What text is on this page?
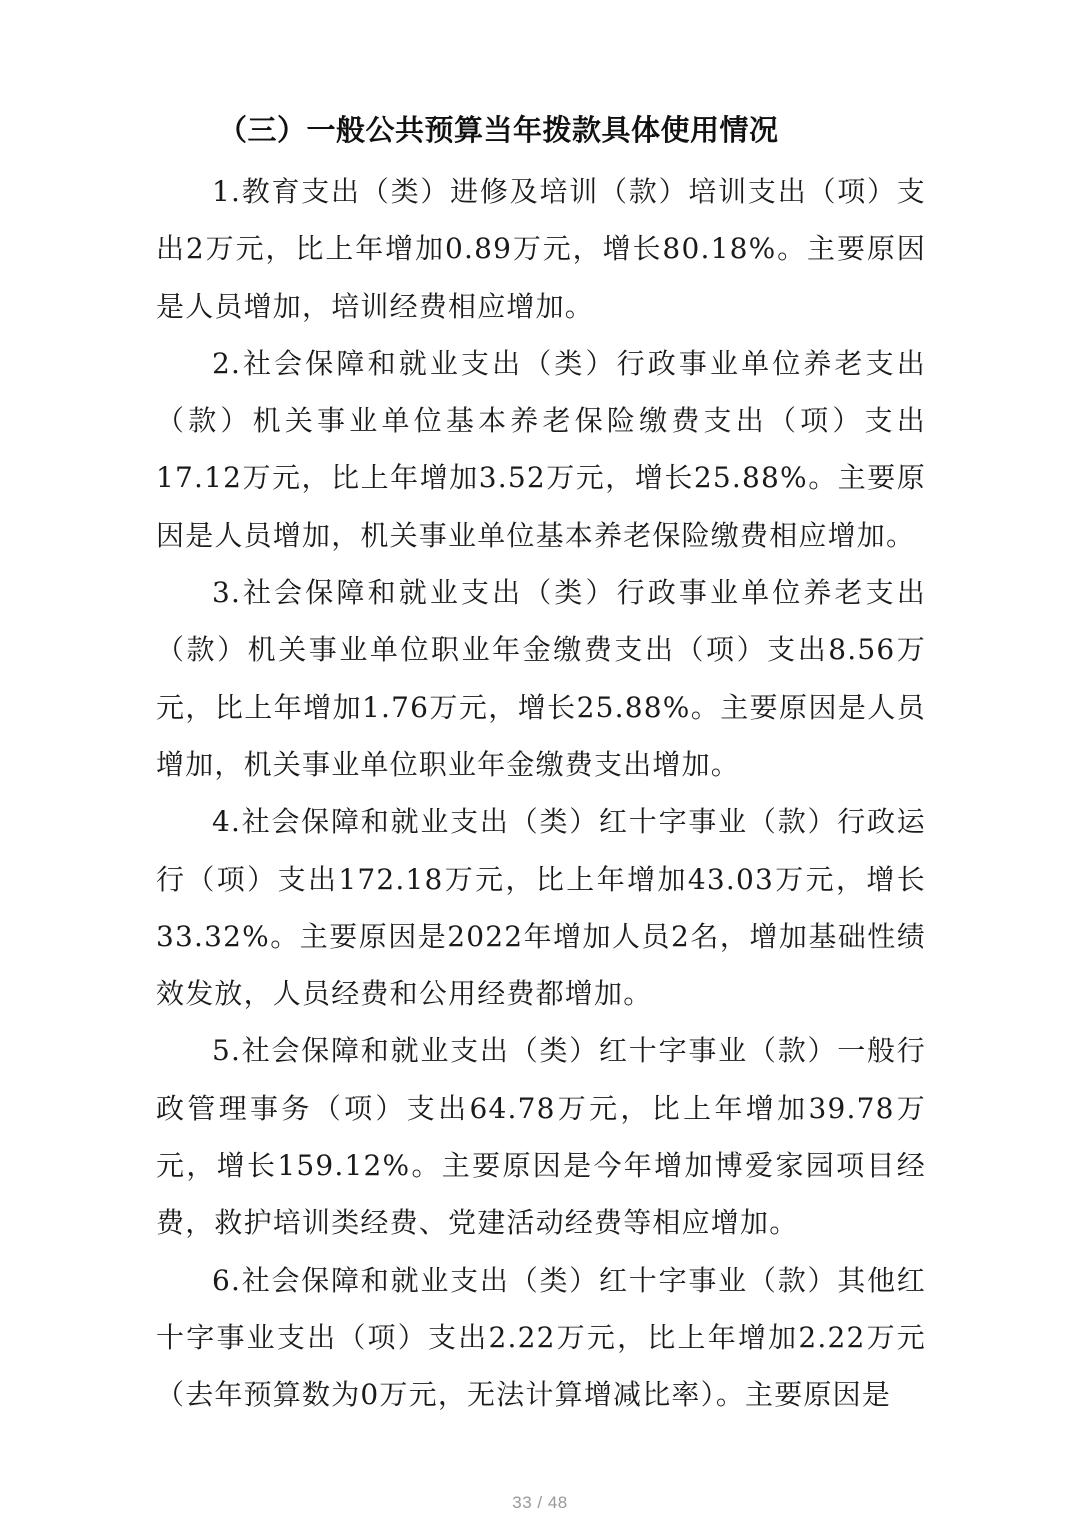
（三）一般公共预算当年拨款具体使用情况

1.教育支出（类）进修及培训（款）培训支出（项）支出2万元，比上年增加0.89万元，增长80.18%。主要原因是人员增加，培训经费相应增加。

2.社会保障和就业支出（类）行政事业单位养老支出（款）机关事业单位基本养老保险缴费支出（项）支出17.12万元，比上年增加3.52万元，增长25.88%。主要原因是人员增加，机关事业单位基本养老保险缴费相应增加。

3.社会保障和就业支出（类）行政事业单位养老支出（款）机关事业单位职业年金缴费支出（项）支出8.56万元，比上年增加1.76万元，增长25.88%。主要原因是人员增加，机关事业单位职业年金缴费支出增加。

4.社会保障和就业支出（类）红十字事业（款）行政运行（项）支出172.18万元，比上年增加43.03万元，增长33.32%。主要原因是2022年增加人员2名，增加基础性绩效发放，人员经费和公用经费都增加。

5.社会保障和就业支出（类）红十字事业（款）一般行政管理事务（项）支出64.78万元，比上年增加39.78万元，增长159.12%。主要原因是今年增加博爱家园项目经费，救护培训类经费、党建活动经费等相应增加。

6.社会保障和就业支出（类）红十字事业（款）其他红十字事业支出（项）支出2.22万元，比上年增加2.22万元（去年预算数为0万元，无法计算增减比率）。主要原因是

33 / 48
